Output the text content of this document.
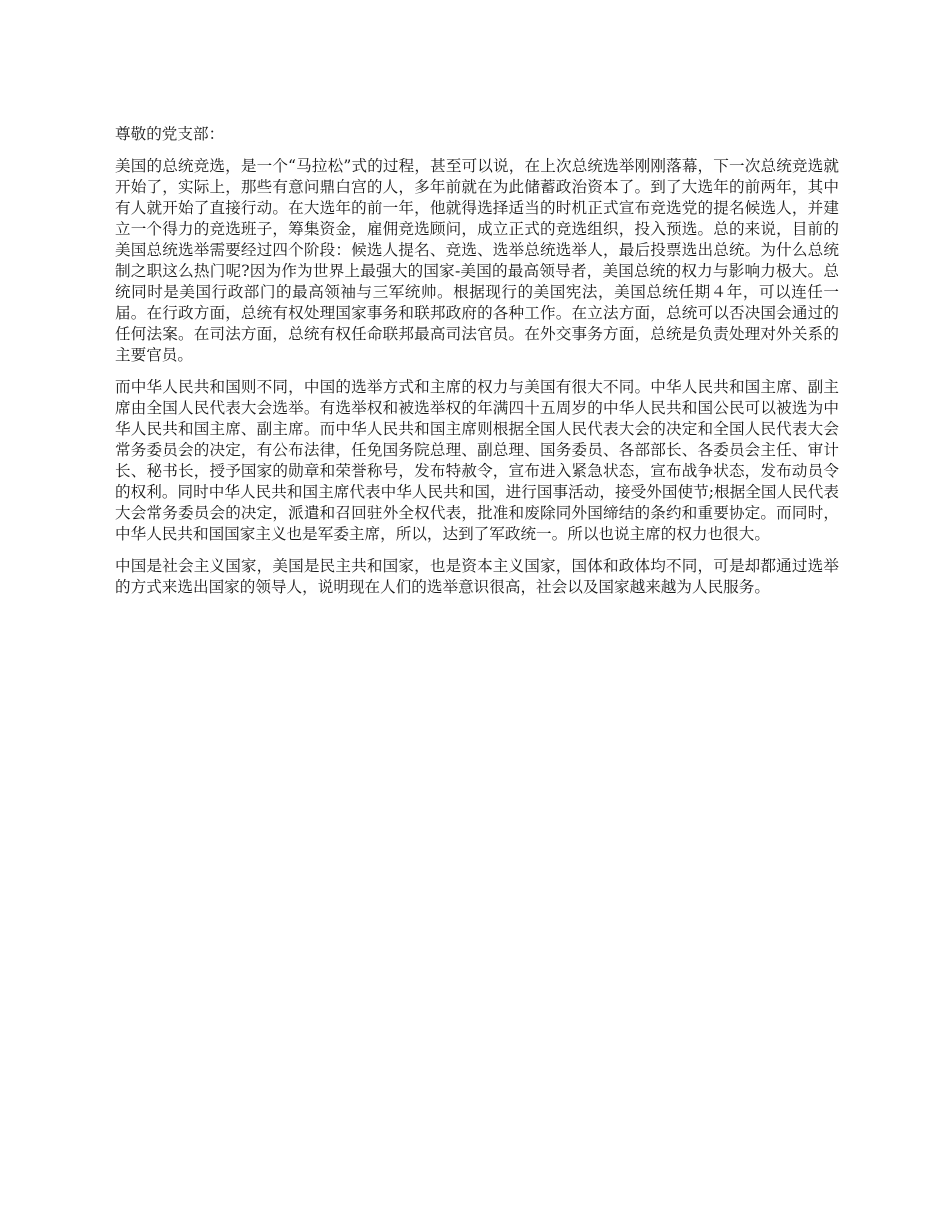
尊敬的党支部：

美国的总统竞选，是一个“马拉松”式的过程，甚至可以说，在上次总统选举刚刚落幕，下一次总统竞选就开始了，实际上，那些有意问鼎白宫的人，多年前就在为此储蓄政治资本了。到了大选年的前两年，其中有人就开始了直接行动。在大选年的前一年，他就得选择适当的时机正式宣布竞选党的提名候选人，并建立一个得力的竞选班子，筹集资金，雇佣竞选顾问，成立正式的竞选组织，投入预选。总的来说，目前的美国总统选举需要经过四个阶段：候选人提名、竞选、选举总统选举人，最后投票选出总统。为什么总统制之职这么热门呢?因为作为世界上最强大的国家-美国的最高领导者，美国总统的权力与影响力极大。总统同时是美国行政部门的最高领袖与三军统帅。根据现行的美国宪法，美国总统任期４年，可以连任一届。在行政方面，总统有权处理国家事务和联邦政府的各种工作。在立法方面，总统可以否决国会通过的任何法案。在司法方面，总统有权任命联邦最高司法官员。在外交事务方面，总统是负责处理对外关系的主要官员。

而中华人民共和国则不同，中国的选举方式和主席的权力与美国有很大不同。中华人民共和国主席、副主席由全国人民代表大会选举。有选举权和被选举权的年满四十五周岁的中华人民共和国公民可以被选为中华人民共和国主席、副主席。而中华人民共和国主席则根据全国人民代表大会的决定和全国人民代表大会常务委员会的决定，有公布法律，任免国务院总理、副总理、国务委员、各部部长、各委员会主任、审计长、秘书长，授予国家的勋章和荣誉称号，发布特赦令，宣布进入紧急状态，宣布战争状态，发布动员令的权利。同时中华人民共和国主席代表中华人民共和国，进行国事活动，接受外国使节;根据全国人民代表大会常务委员会的决定，派遣和召回驻外全权代表，批准和废除同外国缔结的条约和重要协定。而同时，中华人民共和国国家主义也是军委主席，所以，达到了军政统一。所以也说主席的权力也很大。

中国是社会主义国家，美国是民主共和国家，也是资本主义国家，国体和政体均不同，可是却都通过选举的方式来选出国家的领导人，说明现在人们的选举意识很高，社会以及国家越来越为人民服务。
